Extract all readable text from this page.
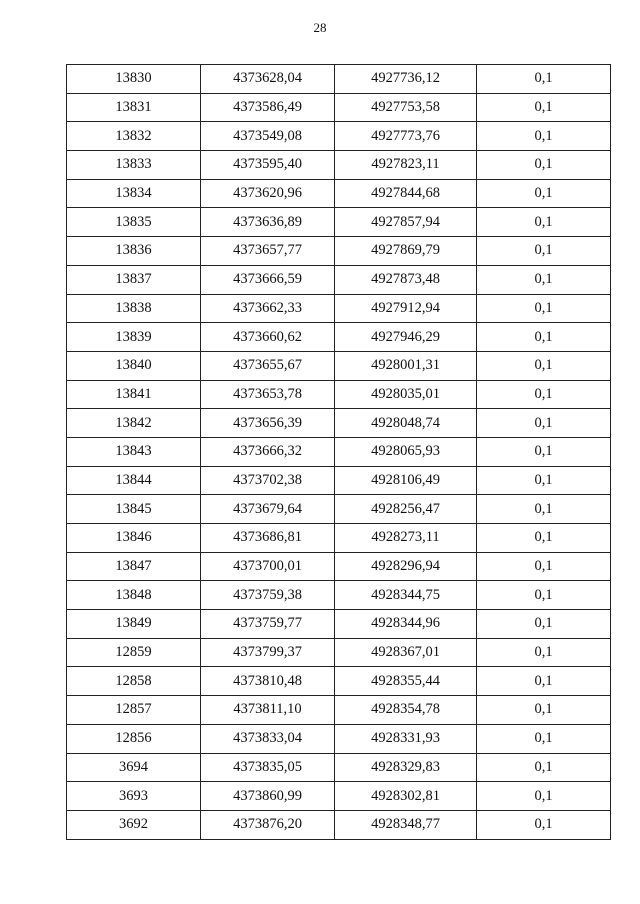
28
13830	4373628,04	4927736,12	0,1
13831	4373586,49	4927753,58	0,1
13832	4373549,08	4927773,76	0,1
13833	4373595,40	4927823,11	0,1
13834	4373620,96	4927844,68	0,1
13835	4373636,89	4927857,94	0,1
13836	4373657,77	4927869,79	0,1
13837	4373666,59	4927873,48	0,1
13838	4373662,33	4927912,94	0,1
13839	4373660,62	4927946,29	0,1
13840	4373655,67	4928001,31	0,1
13841	4373653,78	4928035,01	0,1
13842	4373656,39	4928048,74	0,1
13843	4373666,32	4928065,93	0,1
13844	4373702,38	4928106,49	0,1
13845	4373679,64	4928256,47	0,1
13846	4373686,81	4928273,11	0,1
13847	4373700,01	4928296,94	0,1
13848	4373759,38	4928344,75	0,1
13849	4373759,77	4928344,96	0,1
12859	4373799,37	4928367,01	0,1
12858	4373810,48	4928355,44	0,1
12857	4373811,10	4928354,78	0,1
12856	4373833,04	4928331,93	0,1
3694	4373835,05	4928329,83	0,1
3693	4373860,99	4928302,81	0,1
3692	4373876,20	4928348,77	0,1
